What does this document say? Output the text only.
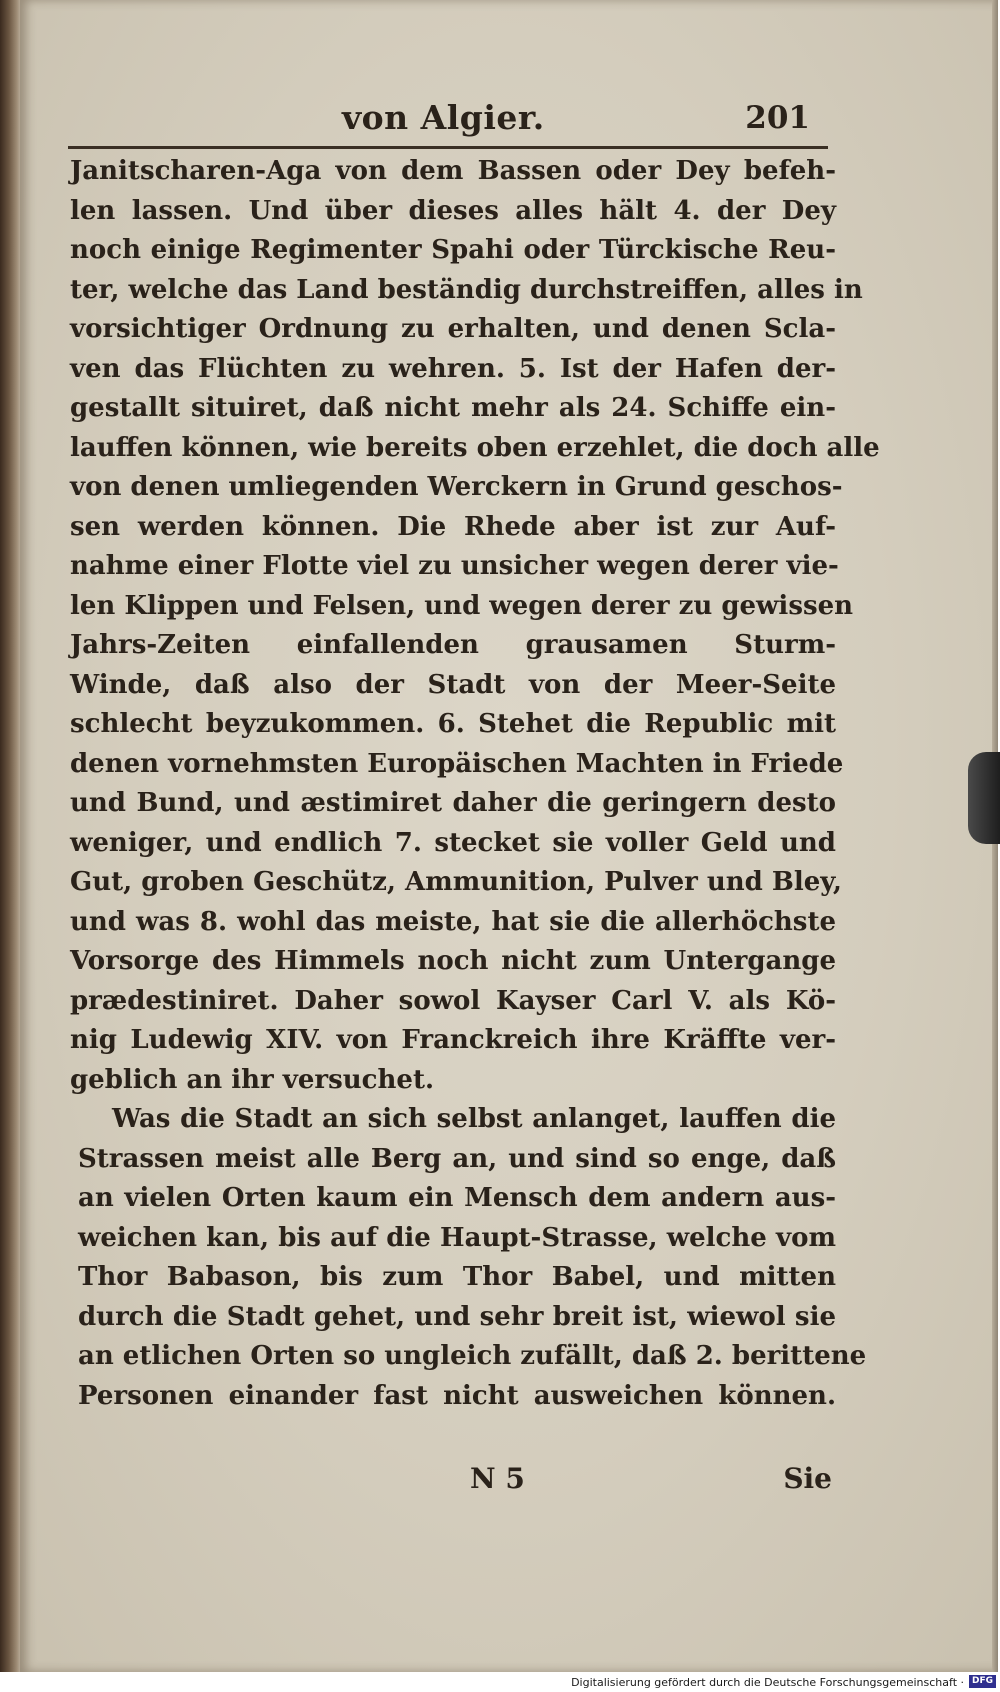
von Algier.	201
Janitscharen-Aga von dem Bassen oder Dey befeh-
len lassen. Und über dieses alles hält 4. der Dey
noch einige Regimenter Spahi oder Türckische Reu-
ter, welche das Land beständig durchstreiffen, alles in
vorsichtiger Ordnung zu erhalten, und denen Scla-
ven das Flüchten zu wehren. 5. Ist der Hafen der-
gestallt situiret, daß nicht mehr als 24. Schiffe ein-
lauffen können, wie bereits oben erzehlet, die doch alle
von denen umliegenden Werckern in Grund geschos-
sen werden können. Die Rhede aber ist zur Auf-
nahme einer Flotte viel zu unsicher wegen derer vie-
len Klippen und Felsen, und wegen derer zu gewissen
Jahrs-Zeiten einfallenden grausamen Sturm-
Winde, daß also der Stadt von der Meer-Seite
schlecht beyzukommen. 6. Stehet die Republic mit
denen vornehmsten Europäischen Machten in Friede
und Bund, und æstimiret daher die geringern desto
weniger, und endlich 7. stecket sie voller Geld und
Gut, groben Geschütz, Ammunition, Pulver und Bley,
und was 8. wohl das meiste, hat sie die allerhöchste
Vorsorge des Himmels noch nicht zum Untergange
prædestiniret. Daher sowol Kayser Carl V. als Kö-
nig Ludewig XIV. von Franckreich ihre Kräffte ver-
geblich an ihr versuchet.
Was die Stadt an sich selbst anlanget, lauffen die
Strassen meist alle Berg an, und sind so enge, daß
an vielen Orten kaum ein Mensch dem andern aus-
weichen kan, bis auf die Haupt-Strasse, welche vom
Thor Babason, bis zum Thor Babel, und mitten
durch die Stadt gehet, und sehr breit ist, wiewol sie
an etlichen Orten so ungleich zufällt, daß 2. berittene
Personen einander fast nicht ausweichen können.
N 5	Sie
Digitalisierung gefördert durch die Deutsche Forschungsgemeinschaft · DFG
